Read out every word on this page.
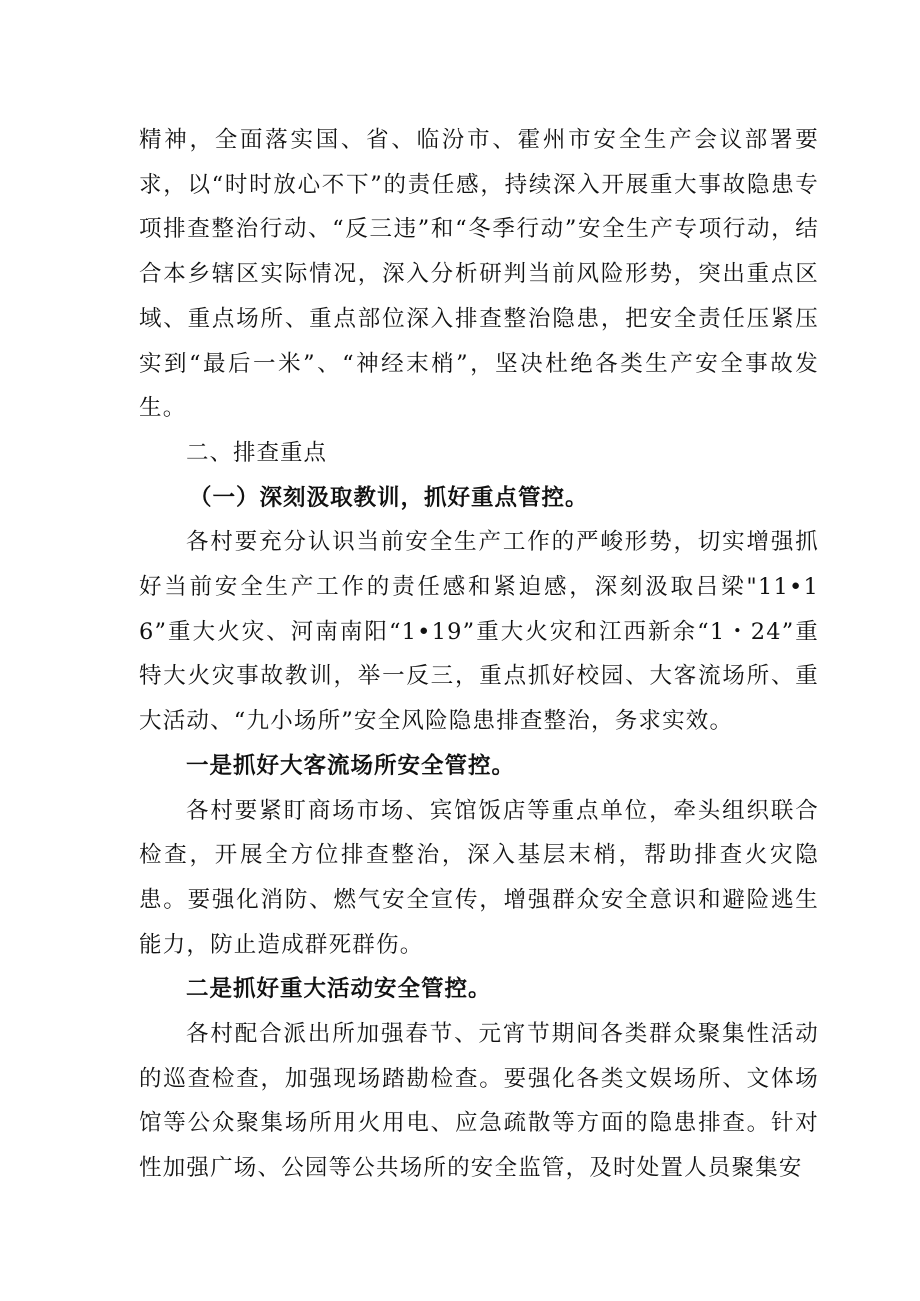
精神，全面落实国、省、临汾市、霍州市安全生产会议部署要求，以“时时放心不下”的责任感，持续深入开展重大事故隐患专项排查整治行动、“反三违”和“冬季行动”安全生产专项行动，结合本乡辖区实际情况，深入分析研判当前风险形势，突出重点区域、重点场所、重点部位深入排查整治隐患，把安全责任压紧压实到“最后一米”、“神经末梢”，坚决杜绝各类生产安全事故发生。

二、排查重点

（一）深刻汲取教训，抓好重点管控。

各村要充分认识当前安全生产工作的严峻形势，切实增强抓好当前安全生产工作的责任感和紧迫感，深刻汲取吕梁"11•16”重大火灾、河南南阳“1•19”重大火灾和江西新余“1・24”重特大火灾事故教训，举一反三，重点抓好校园、大客流场所、重大活动、“九小场所”安全风险隐患排查整治，务求实效。

一是抓好大客流场所安全管控。

各村要紧盯商场市场、宾馆饭店等重点单位，牵头组织联合检查，开展全方位排查整治，深入基层末梢，帮助排查火灾隐患。要强化消防、燃气安全宣传，增强群众安全意识和避险逃生能力，防止造成群死群伤。

二是抓好重大活动安全管控。

各村配合派出所加强春节、元宵节期间各类群众聚集性活动的巡查检查，加强现场踏勘检查。要强化各类文娱场所、文体场馆等公众聚集场所用火用电、应急疏散等方面的隐患排查。针对性加强广场、公园等公共场所的安全监管，及时处置人员聚集安
